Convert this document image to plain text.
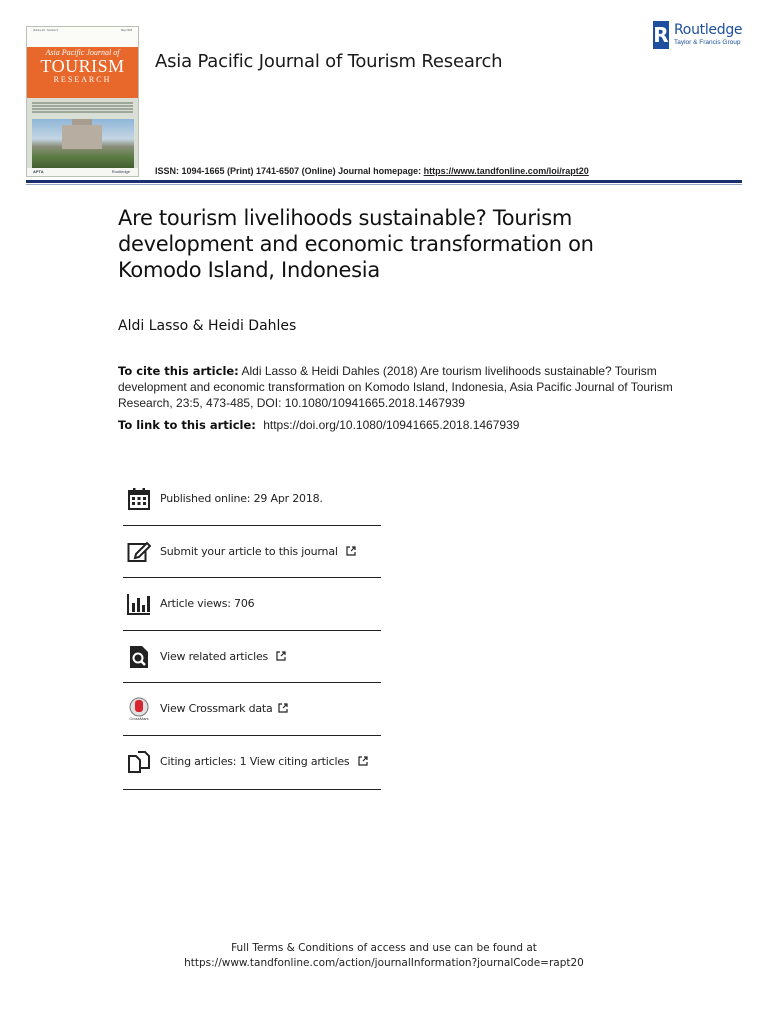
Volume 23 · Number 5	May 2018
Asia Pacific Journal of
TOURISM
RESEARCH
APTA	Routledge
Asia Pacific Journal of Tourism Research
R Routledge
Taylor & Francis Group
ISSN: 1094-1665 (Print) 1741-6507 (Online) Journal homepage: https://www.tandfonline.com/loi/rapt20
Are tourism livelihoods sustainable? Tourism development and economic transformation on Komodo Island, Indonesia
Aldi Lasso & Heidi Dahles
To cite this article: Aldi Lasso & Heidi Dahles (2018) Are tourism livelihoods sustainable? Tourism development and economic transformation on Komodo Island, Indonesia, Asia Pacific Journal of Tourism Research, 23:5, 473-485, DOI: 10.1080/10941665.2018.1467939
To link to this article: https://doi.org/10.1080/10941665.2018.1467939
Published online: 29 Apr 2018.
Submit your article to this journal
Article views: 706
View related articles
CrossMark
View Crossmark data
Citing articles: 1 View citing articles
Full Terms & Conditions of access and use can be found at
https://www.tandfonline.com/action/journalInformation?journalCode=rapt20
